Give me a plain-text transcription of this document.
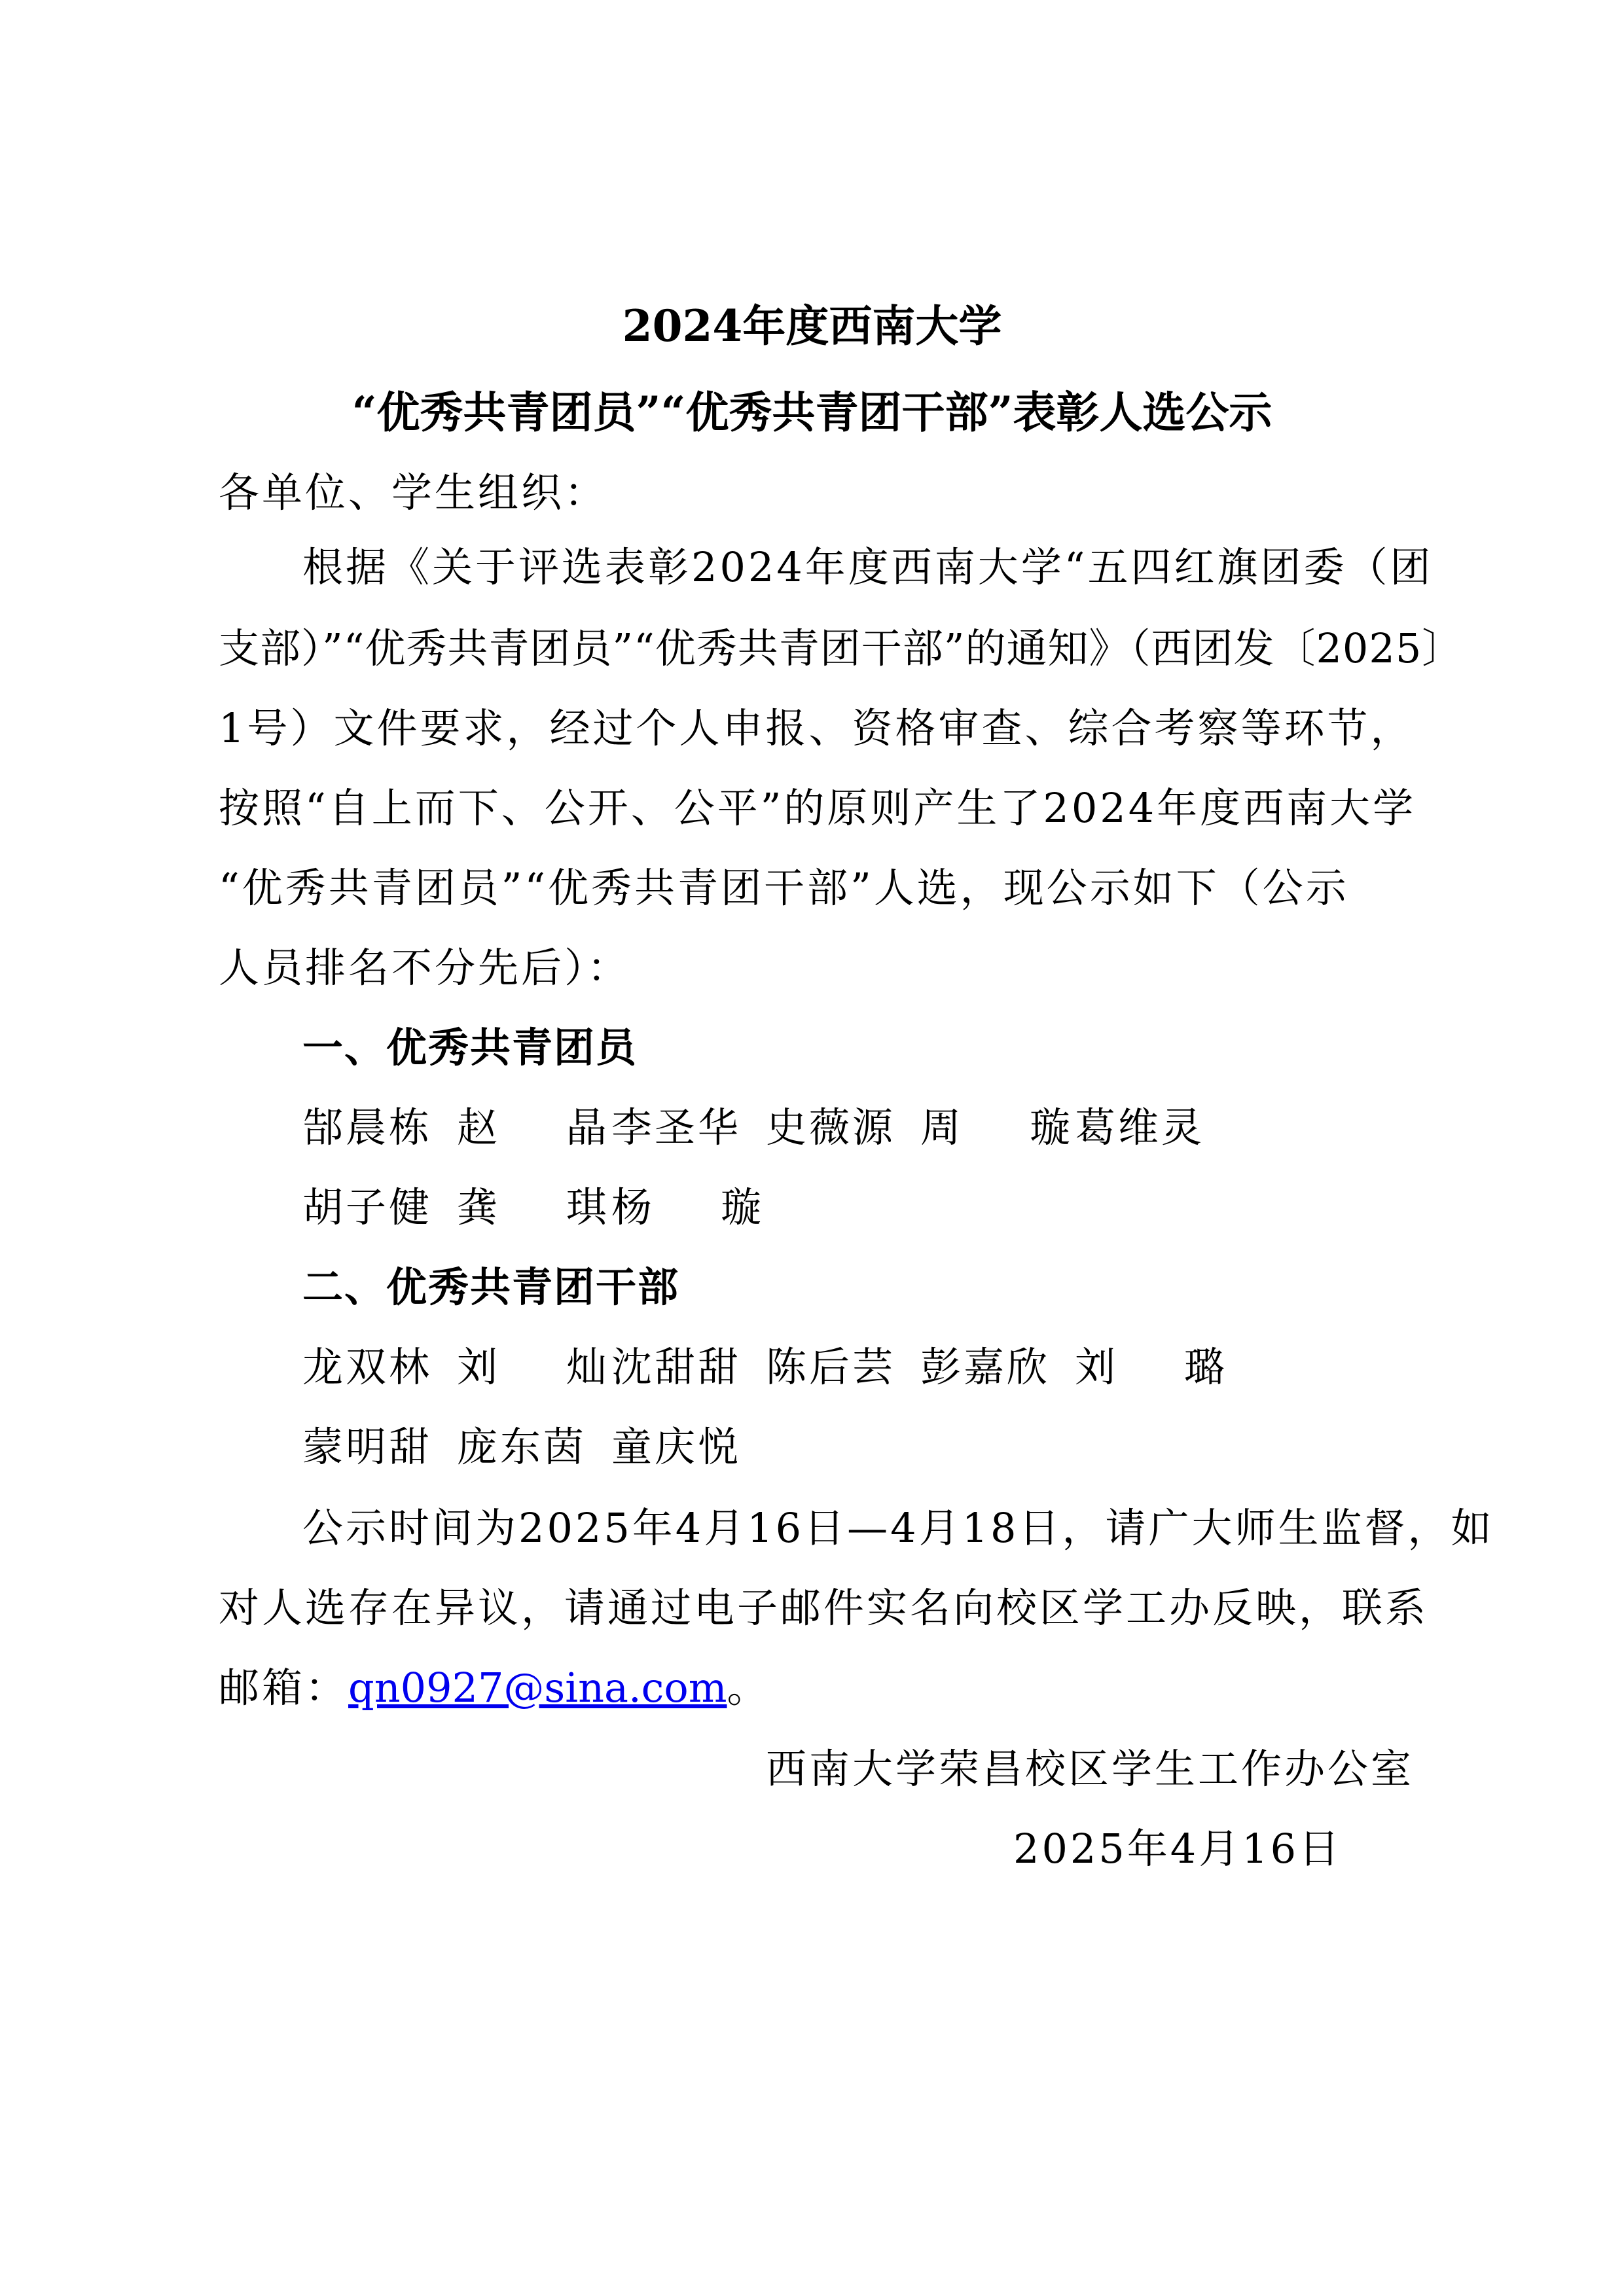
2024年度西南大学
“优秀共青团员”“优秀共青团干部”表彰人选公示
各单位、学生组织：
根据《关于评选表彰2024年度西南大学“五四红旗团委（团
支部）”“优秀共青团员”“优秀共青团干部”的通知》（西团发〔2025〕
1号）文件要求，经过个人申报、资格审查、综合考察等环节，
按照“自上而下、公开、公平”的原则产生了2024年度西南大学
“优秀共青团员”“优秀共青团干部”人选，现公示如下（公示
人员排名不分先后）：
一、优秀共青团员
郜晨栋 赵　 晶李圣华 史薇源 周　 璇葛维灵
胡子健 龚　 琪杨　 璇
二、优秀共青团干部
龙双林 刘　 灿沈甜甜 陈后芸 彭嘉欣 刘　 璐
蒙明甜 庞东茵 童庆悦
公示时间为2025年4月16日—4月18日，请广大师生监督，如
对人选存在异议，请通过电子邮件实名向校区学工办反映，联系
邮箱：qn0927@sina.com。
西南大学荣昌校区学生工作办公室
2025年4月16日
